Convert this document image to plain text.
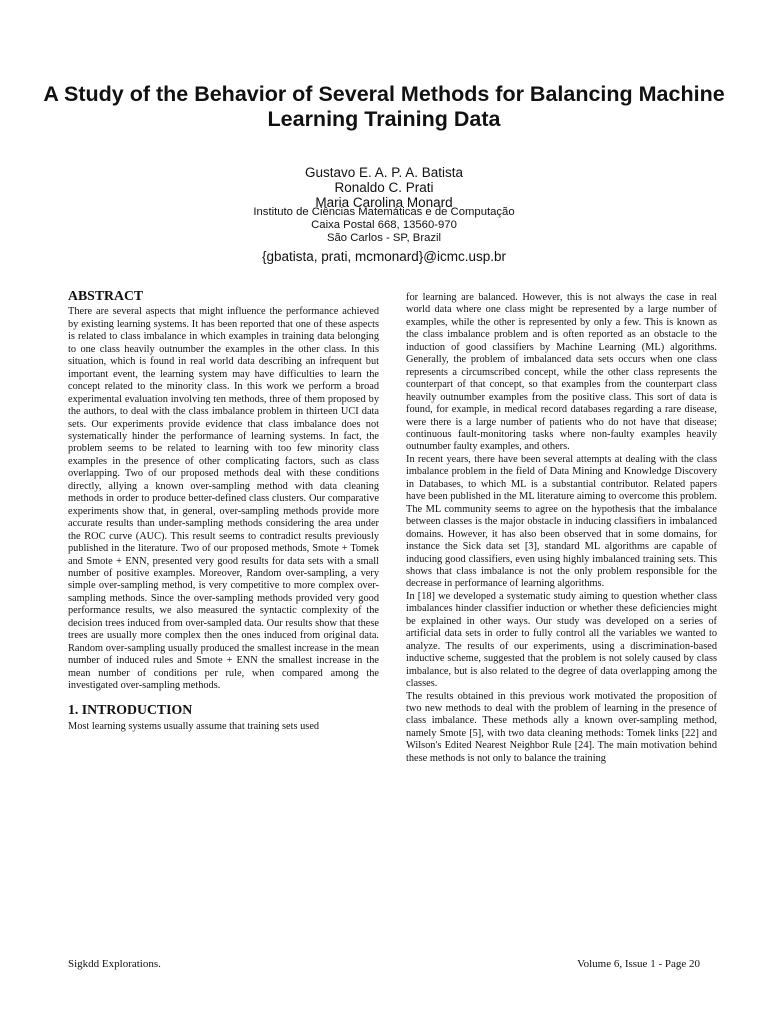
A Study of the Behavior of Several Methods for Balancing Machine Learning Training Data
Gustavo E. A. P. A. Batista
Ronaldo C. Prati
Maria Carolina Monard
Instituto de Ciências Matemáticas e de Computação
Caixa Postal 668, 13560-970
São Carlos - SP, Brazil
{gbatista, prati, mcmonard}@icmc.usp.br
ABSTRACT

There are several aspects that might influence the performance achieved by existing learning systems. It has been reported that one of these aspects is related to class imbalance in which examples in training data belonging to one class heavily outnumber the examples in the other class. In this situation, which is found in real world data describing an infrequent but important event, the learning system may have difficulties to learn the concept related to the minority class. In this work we perform a broad experimental evaluation involving ten methods, three of them proposed by the authors, to deal with the class imbalance problem in thirteen UCI data sets. Our experiments provide evidence that class imbalance does not systematically hinder the performance of learning systems. In fact, the problem seems to be related to learning with too few minority class examples in the presence of other complicating factors, such as class overlapping. Two of our proposed methods deal with these conditions directly, allying a known over-sampling method with data cleaning methods in order to produce better-defined class clusters. Our comparative experiments show that, in general, over-sampling methods provide more accurate results than under-sampling methods considering the area under the ROC curve (AUC). This result seems to contradict results previously published in the literature. Two of our proposed methods, Smote + Tomek and Smote + ENN, presented very good results for data sets with a small number of positive examples. Moreover, Random over-sampling, a very simple over-sampling method, is very competitive to more complex over-sampling methods. Since the over-sampling methods provided very good performance results, we also measured the syntactic complexity of the decision trees induced from over-sampled data. Our results show that these trees are usually more complex then the ones induced from original data. Random over-sampling usually produced the smallest increase in the mean number of induced rules and Smote + ENN the smallest increase in the mean number of conditions per rule, when compared among the investigated over-sampling methods.

1. INTRODUCTION

Most learning systems usually assume that training sets used

for learning are balanced. However, this is not always the case in real world data where one class might be represented by a large number of examples, while the other is represented by only a few. This is known as the class imbalance problem and is often reported as an obstacle to the induction of good classifiers by Machine Learning (ML) algorithms. Generally, the problem of imbalanced data sets occurs when one class represents a circumscribed concept, while the other class represents the counterpart of that concept, so that examples from the counterpart class heavily outnumber examples from the positive class. This sort of data is found, for example, in medical record databases regarding a rare disease, were there is a large number of patients who do not have that disease; continuous fault-monitoring tasks where non-faulty examples heavily outnumber faulty examples, and others.

In recent years, there have been several attempts at dealing with the class imbalance problem in the field of Data Mining and Knowledge Discovery in Databases, to which ML is a substantial contributor. Related papers have been published in the ML literature aiming to overcome this problem. The ML community seems to agree on the hypothesis that the imbalance between classes is the major obstacle in inducing classifiers in imbalanced domains. However, it has also been observed that in some domains, for instance the Sick data set [3], standard ML algorithms are capable of inducing good classifiers, even using highly imbalanced training sets. This shows that class imbalance is not the only problem responsible for the decrease in performance of learning algorithms.

In [18] we developed a systematic study aiming to question whether class imbalances hinder classifier induction or whether these deficiencies might be explained in other ways. Our study was developed on a series of artificial data sets in order to fully control all the variables we wanted to analyze. The results of our experiments, using a discrimination-based inductive scheme, suggested that the problem is not solely caused by class imbalance, but is also related to the degree of data overlapping among the classes.

The results obtained in this previous work motivated the proposition of two new methods to deal with the problem of learning in the presence of class imbalance. These methods ally a known over-sampling method, namely Smote [5], with two data cleaning methods: Tomek links [22] and Wilson's Edited Nearest Neighbor Rule [24]. The main motivation behind these methods is not only to balance the training

Sigkdd Explorations.	Volume 6, Issue 1 - Page 20
